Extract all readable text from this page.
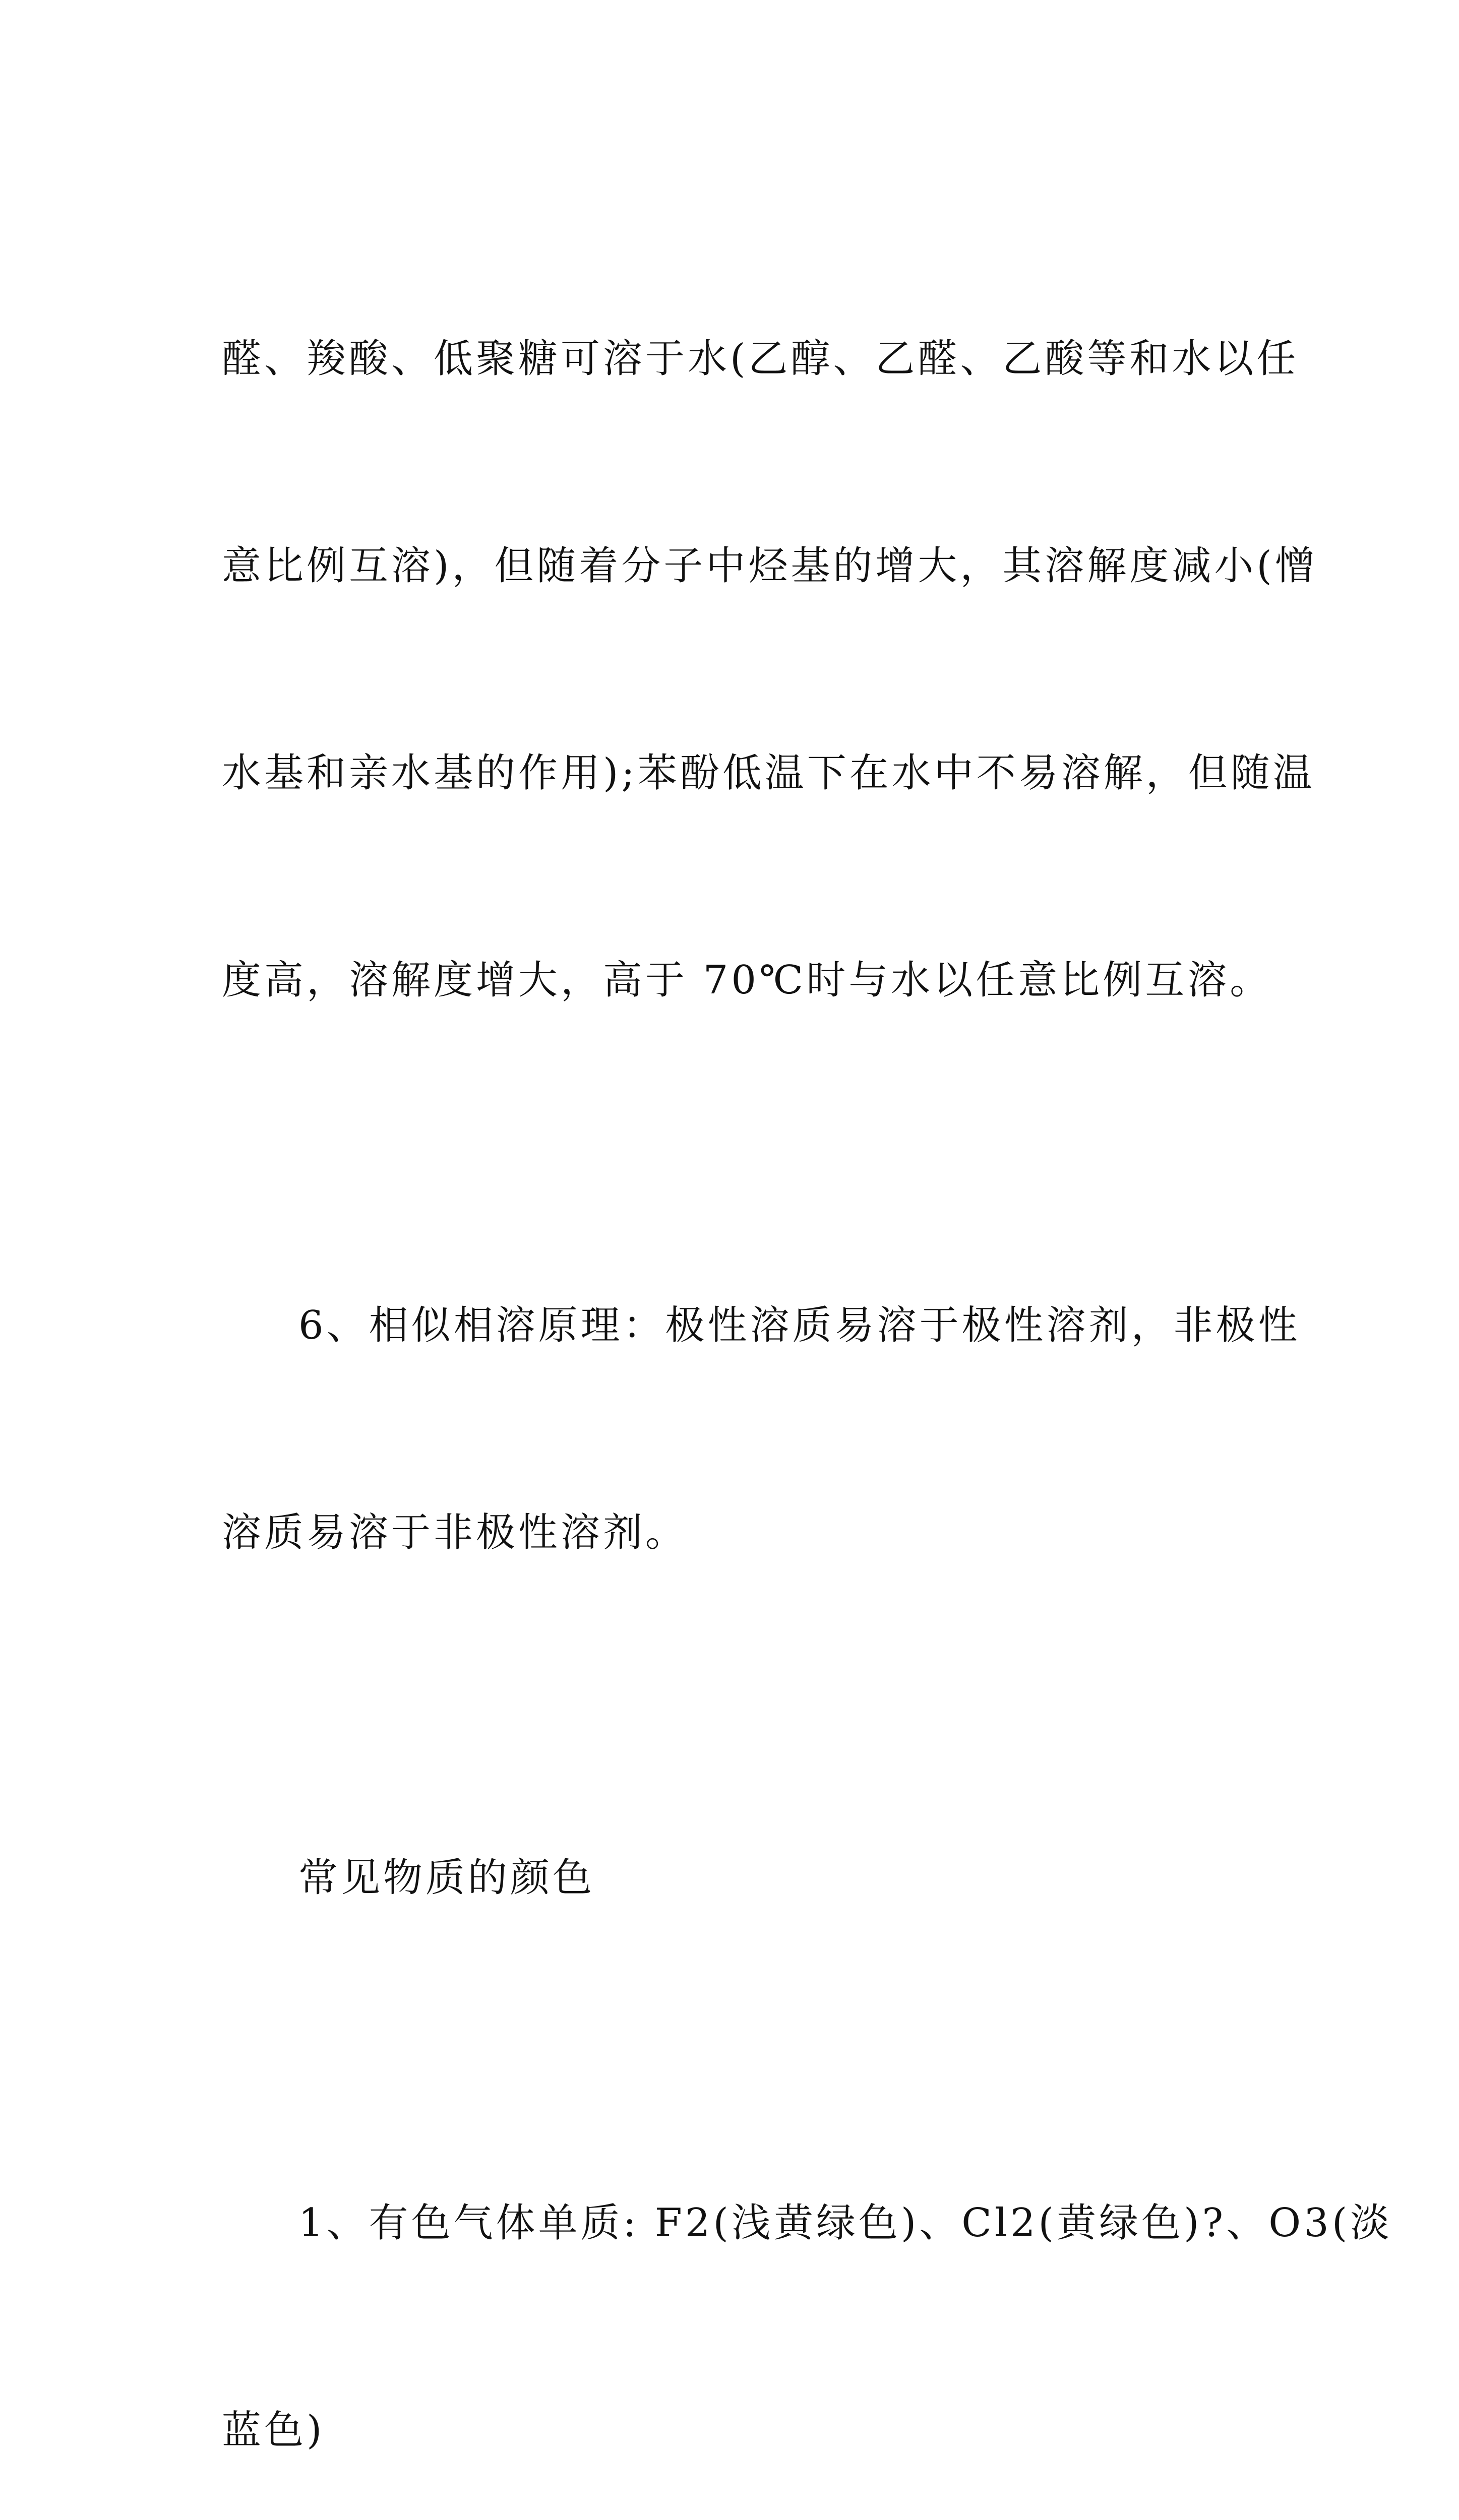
醛、羧酸、低聚糖可溶于水(乙醇、乙醛、乙酸等和水以任

意比例互溶)，但随着分子中烃基的增大，其溶解度减小(憎

水基和亲水基的作用);苯酚低温下在水中不易溶解，但随温

度高，溶解度增大，高于 70℃时与水以任意比例互溶。

6、相似相溶原理：极性溶质易溶于极性溶剂，非极性

溶质易溶于非极性溶剂。

常见物质的颜色

1、有色气体单质: F2(浅黄绿色)、Cl2(黄绿色)?、O3(淡

蓝色)
